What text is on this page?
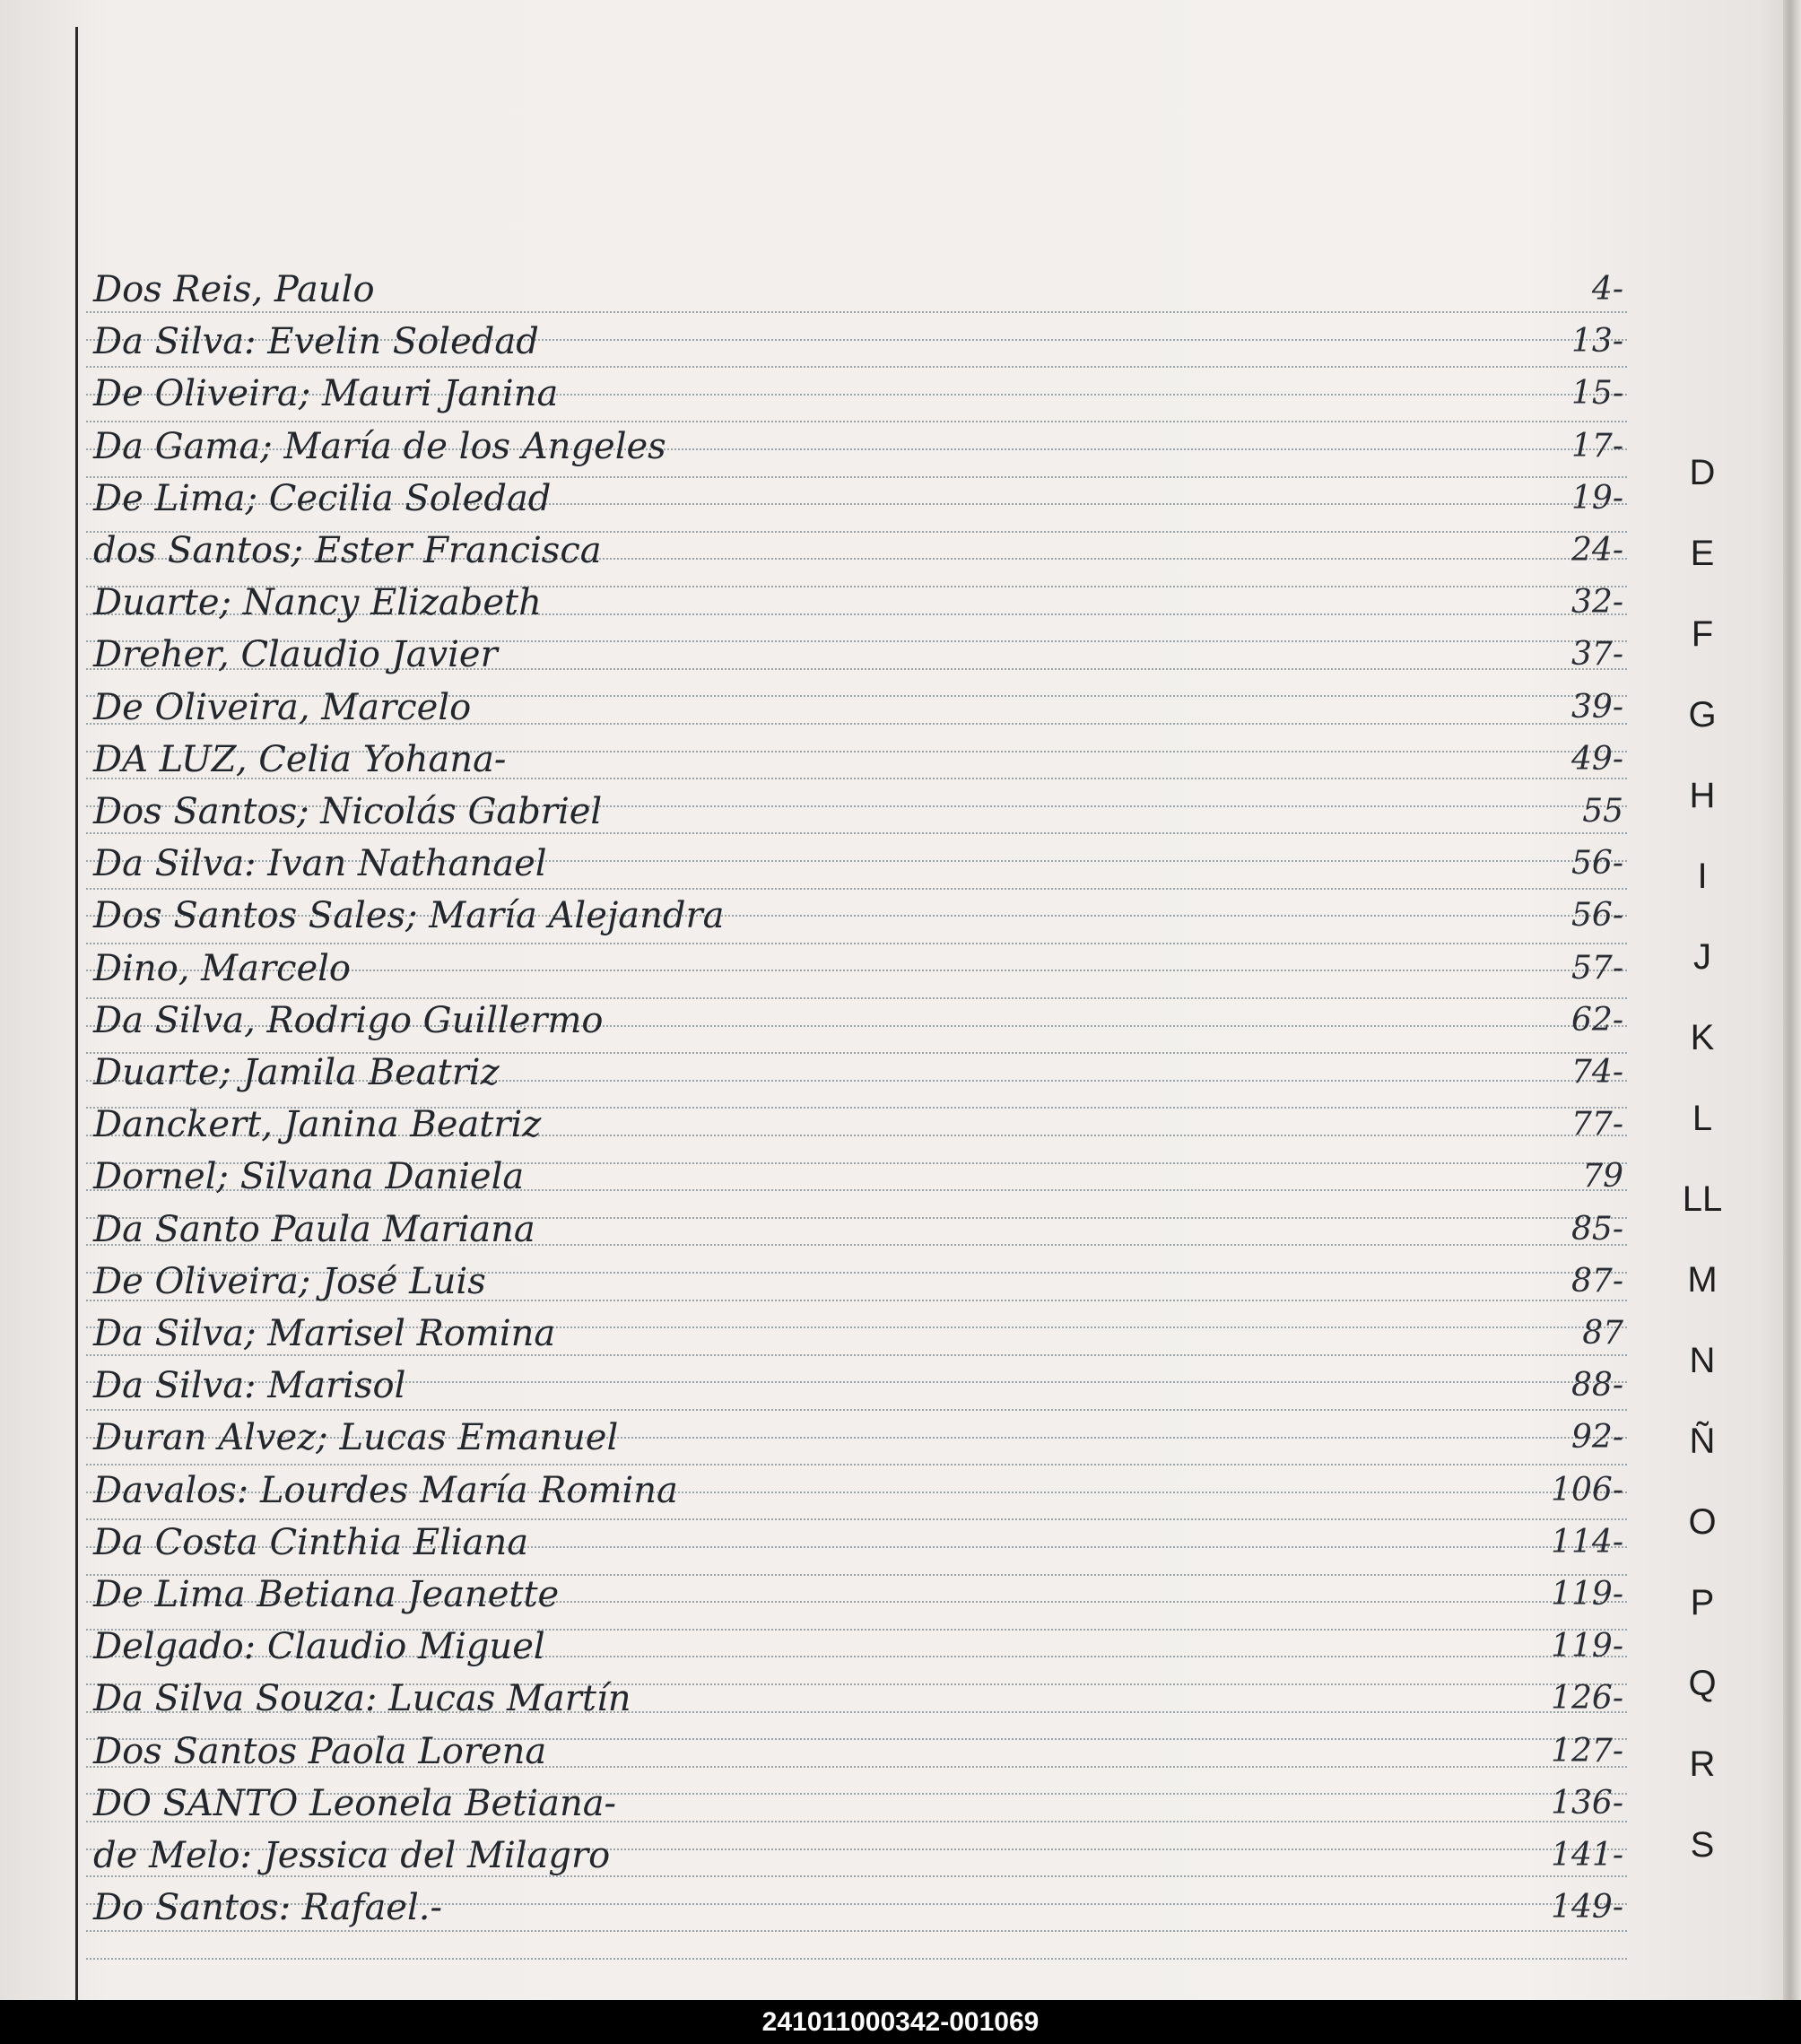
Dos Reis, Paulo	4-
Da Silva: Evelin Soledad	13-
De Oliveira; Mauri Janina	15-
Da Gama; María de los Angeles	17-
De Lima; Cecilia Soledad	19-
dos Santos; Ester Francisca	24-
Duarte; Nancy Elizabeth	32-
Dreher, Claudio Javier	37-
De Oliveira, Marcelo	39-
DA LUZ, Celia Yohana-	49-
Dos Santos; Nicolás Gabriel	55
Da Silva: Ivan Nathanael	56-
Dos Santos Sales; María Alejandra	56-
Dino, Marcelo	57-
Da Silva, Rodrigo Guillermo	62-
Duarte; Jamila Beatriz	74-
Danckert, Janina Beatriz	77-
Dornel; Silvana Daniela	79
Da Santo Paula Mariana	85-
De Oliveira; José Luis	87-
Da Silva; Marisel Romina	87
Da Silva: Marisol	88-
Duran Alvez; Lucas Emanuel	92-
Davalos: Lourdes María Romina	106-
Da Costa Cinthia Eliana	114-
De Lima Betiana Jeanette	119-
Delgado: Claudio Miguel	119-
Da Silva Souza: Lucas Martín	126-
Dos Santos Paola Lorena	127-
DO SANTO Leonela Betiana-	136-
de Melo: Jessica del Milagro	141-
Do Santos: Rafael.-	149-
D
E
F
G
H
I
J
K
L
LL
M
N
Ñ
O
P
Q
R
S
241011000342-001069
